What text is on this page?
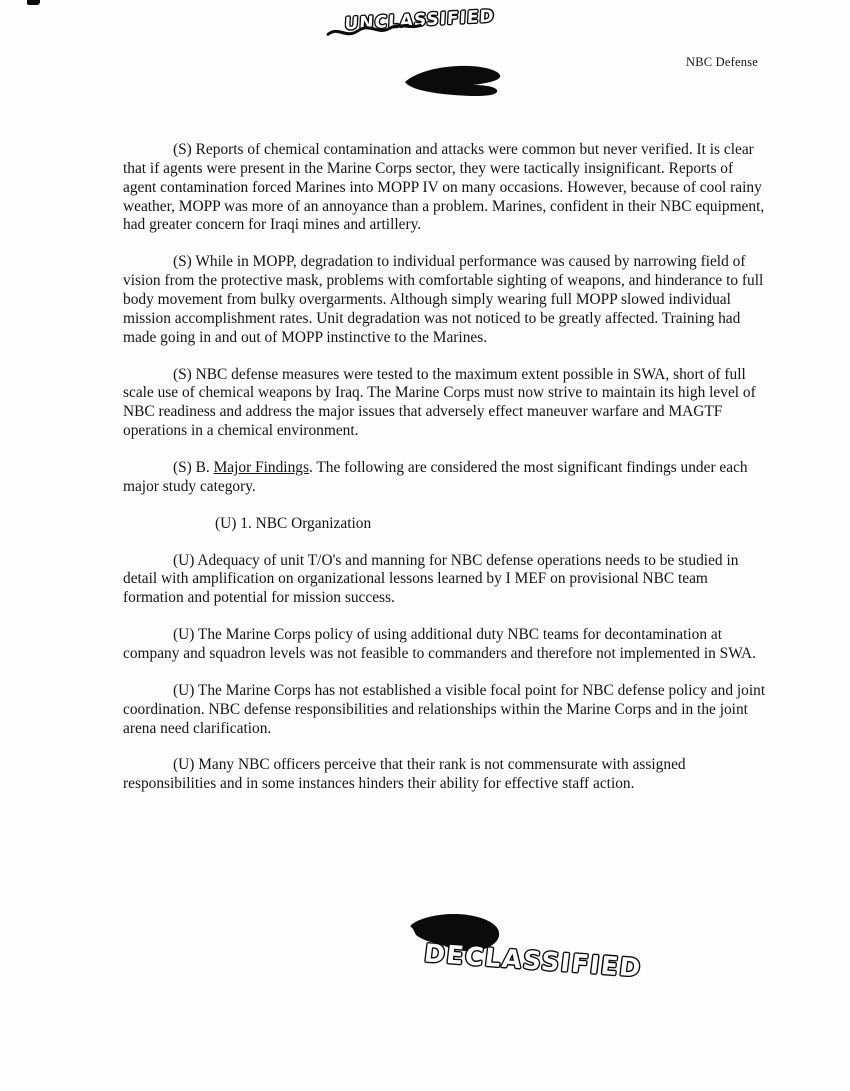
UNCLASSIFIED
NBC Defense

(S) Reports of chemical contamination and attacks were common but never verified. It is clear that if agents were present in the Marine Corps sector, they were tactically insignificant. Reports of agent contamination forced Marines into MOPP IV on many occasions. However, because of cool rainy weather, MOPP was more of an annoyance than a problem. Marines, confident in their NBC equipment, had greater concern for Iraqi mines and artillery.

(S) While in MOPP, degradation to individual performance was caused by narrowing field of vision from the protective mask, problems with comfortable sighting of weapons, and hinderance to full body movement from bulky overgarments. Although simply wearing full MOPP slowed individual mission accomplishment rates. Unit degradation was not noticed to be greatly affected. Training had made going in and out of MOPP instinctive to the Marines.

(S) NBC defense measures were tested to the maximum extent possible in SWA, short of full scale use of chemical weapons by Iraq. The Marine Corps must now strive to maintain its high level of NBC readiness and address the major issues that adversely effect maneuver warfare and MAGTF operations in a chemical environment.

(S) B. Major Findings. The following are considered the most significant findings under each major study category.

(U) 1. NBC Organization

(U) Adequacy of unit T/O's and manning for NBC defense operations needs to be studied in detail with amplification on organizational lessons learned by I MEF on provisional NBC team formation and potential for mission success.

(U) The Marine Corps policy of using additional duty NBC teams for decontamination at company and squadron levels was not feasible to commanders and therefore not implemented in SWA.

(U) The Marine Corps has not established a visible focal point for NBC defense policy and joint coordination. NBC defense responsibilities and relationships within the Marine Corps and in the joint arena need clarification.

(U) Many NBC officers perceive that their rank is not commensurate with assigned responsibilities and in some instances hinders their ability for effective staff action.

DECLASSIFIED
